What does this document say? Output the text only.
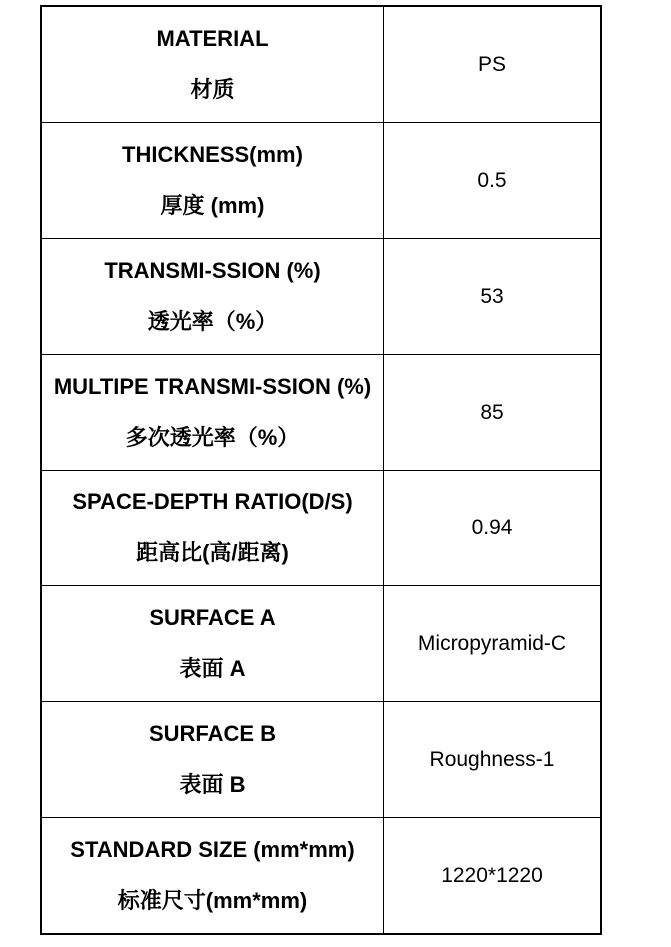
MATERIAL
材质
PS
THICKNESS(mm)
厚度 (mm)
0.5
TRANSMI-SSION (%)
透光率（%）
53
MULTIPE TRANSMI-SSION (%)
多次透光率（%）
85
SPACE-DEPTH RATIO(D/S)
距高比(高/距离)
0.94
SURFACE A
表面 A
Micropyramid-C
SURFACE B
表面 B
Roughness-1
STANDARD SIZE (mm*mm)
标准尺寸(mm*mm)
1220*1220
